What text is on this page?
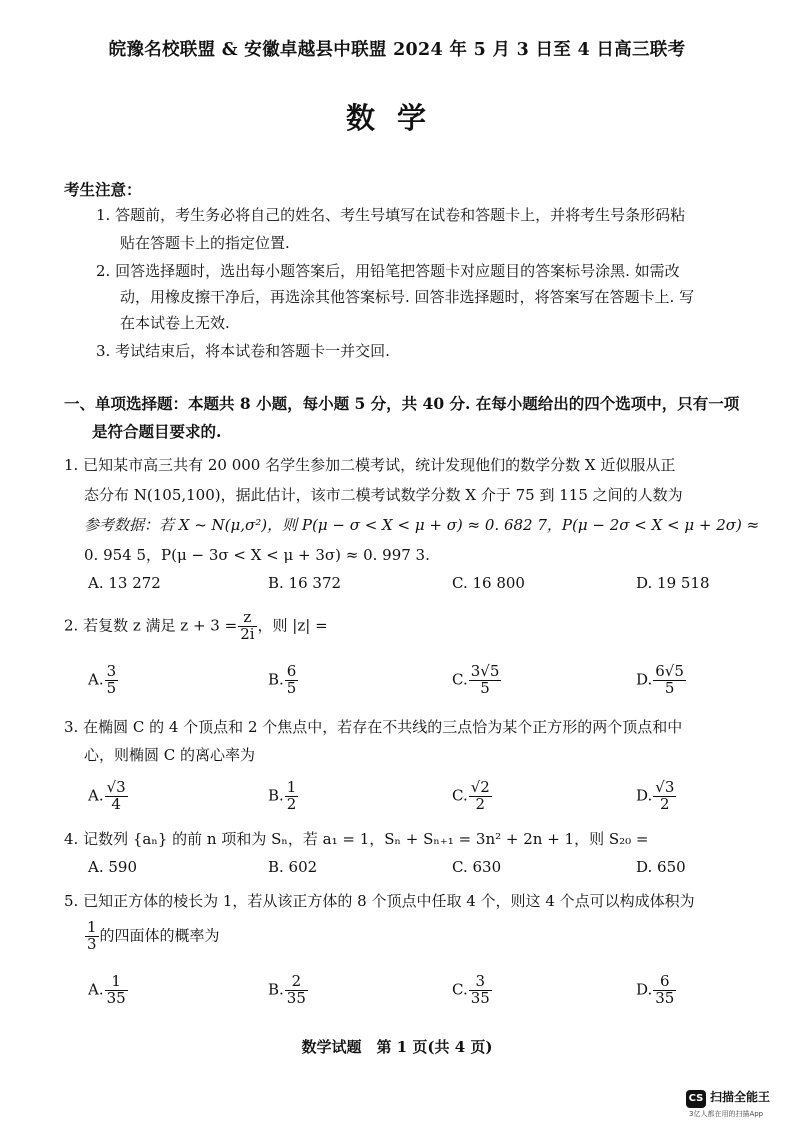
皖豫名校联盟 & 安徽卓越县中联盟 2024 年 5 月 3 日至 4 日高三联考
数学
考生注意：
1. 答题前，考生务必将自己的姓名、考生号填写在试卷和答题卡上，并将考生号条形码粘
贴在答题卡上的指定位置.
2. 回答选择题时，选出每小题答案后，用铅笔把答题卡对应题目的答案标号涂黑. 如需改
动，用橡皮擦干净后，再选涂其他答案标号. 回答非选择题时，将答案写在答题卡上. 写
在本试卷上无效.
3. 考试结束后，将本试卷和答题卡一并交回.
一、单项选择题：本题共 8 小题，每小题 5 分，共 40 分. 在每小题给出的四个选项中，只有一项
是符合题目要求的.
1. 已知某市高三共有 20 000 名学生参加二模考试，统计发现他们的数学分数 X 近似服从正
态分布 N(105,100)，据此估计，该市二模考试数学分数 X 介于 75 到 115 之间的人数为
参考数据：若 X ~ N(μ,σ²)，则 P(μ − σ < X < μ + σ) ≈ 0. 682 7，P(μ − 2σ < X < μ + 2σ) ≈
0. 954 5，P(μ − 3σ < X < μ + 3σ) ≈ 0. 997 3.
A. 13 272	B. 16 372	C. 16 800	D. 19 518
2. 若复数 z 满足 $z + 3 = \frac{z}{2i}$ ，则 |z| =
A. $\frac{3}{5}$	B. $\frac{6}{5}$	C. $\frac{3√5}{5}$	D. $\frac{6√5}{5}$
3. 在椭圆 C 的 4 个顶点和 2 个焦点中，若存在不共线的三点恰为某个正方形的两个顶点和中
心，则椭圆 C 的离心率为
A. $\frac{√3}{4}$	B. $\frac{1}{2}$	C. $\frac{√2}{2}$	D. $\frac{√3}{2}$
4. 记数列 {aₙ} 的前 n 项和为 Sₙ，若 a₁ = 1，Sₙ + Sₙ₊₁ = 3n² + 2n + 1，则 S₂₀ =
A. 590	B. 602	C. 630	D. 650
5. 已知正方体的棱长为 1，若从该正方体的 8 个顶点中任取 4 个，则这 4 个点可以构成体积为
$\frac{1}{3}$ 的四面体的概率为
A. $\frac{1}{35}$	B. $\frac{2}{35}$	C. $\frac{3}{35}$	D. $\frac{6}{35}$
数学试题　第 1 页(共 4 页)
CS 扫描全能王
3亿人都在用的扫描App
